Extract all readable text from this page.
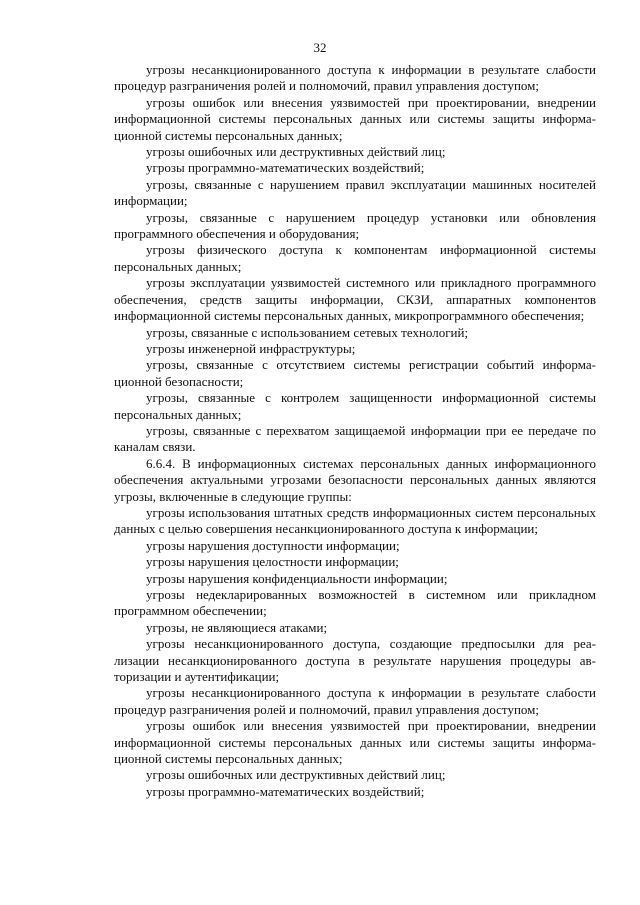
32

угрозы несанкционированного доступа к информации в результате слабости процедур разграничения ролей и полномочий, правил управления доступом;

угрозы ошибок или внесения уязвимостей при проектировании, внедрении информационной системы персональных данных или системы защиты информационной системы персональных данных;

угрозы ошибочных или деструктивных действий лиц;

угрозы программно-математических воздействий;

угрозы, связанные с нарушением правил эксплуатации машинных носителей информации;

угрозы, связанные с нарушением процедур установки или обновления программного обеспечения и оборудования;

угрозы физического доступа к компонентам информационной системы персональных данных;

угрозы эксплуатации уязвимостей системного или прикладного программного обеспечения, средств защиты информации, СКЗИ, аппаратных компонентов информационной системы персональных данных, микропрограммного обеспечения;

угрозы, связанные с использованием сетевых технологий;

угрозы инженерной инфраструктуры;

угрозы, связанные с отсутствием системы регистрации событий информационной безопасности;

угрозы, связанные с контролем защищенности информационной системы персональных данных;

угрозы, связанные с перехватом защищаемой информации при ее передаче по каналам связи.

6.6.4. В информационных системах персональных данных информационного обеспечения актуальными угрозами безопасности персональных данных являются угрозы, включенные в следующие группы:

угрозы использования штатных средств информационных систем персональных данных с целью совершения несанкционированного доступа к информации;

угрозы нарушения доступности информации;

угрозы нарушения целостности информации;

угрозы нарушения конфиденциальности информации;

угрозы недекларированных возможностей в системном или прикладном программном обеспечении;

угрозы, не являющиеся атаками;

угрозы несанкционированного доступа, создающие предпосылки для реализации несанкционированного доступа в результате нарушения процедуры авторизации и аутентификации;

угрозы несанкционированного доступа к информации в результате слабости процедур разграничения ролей и полномочий, правил управления доступом;

угрозы ошибок или внесения уязвимостей при проектировании, внедрении информационной системы персональных данных или системы защиты информационной системы персональных данных;

угрозы ошибочных или деструктивных действий лиц;

угрозы программно-математических воздействий;
